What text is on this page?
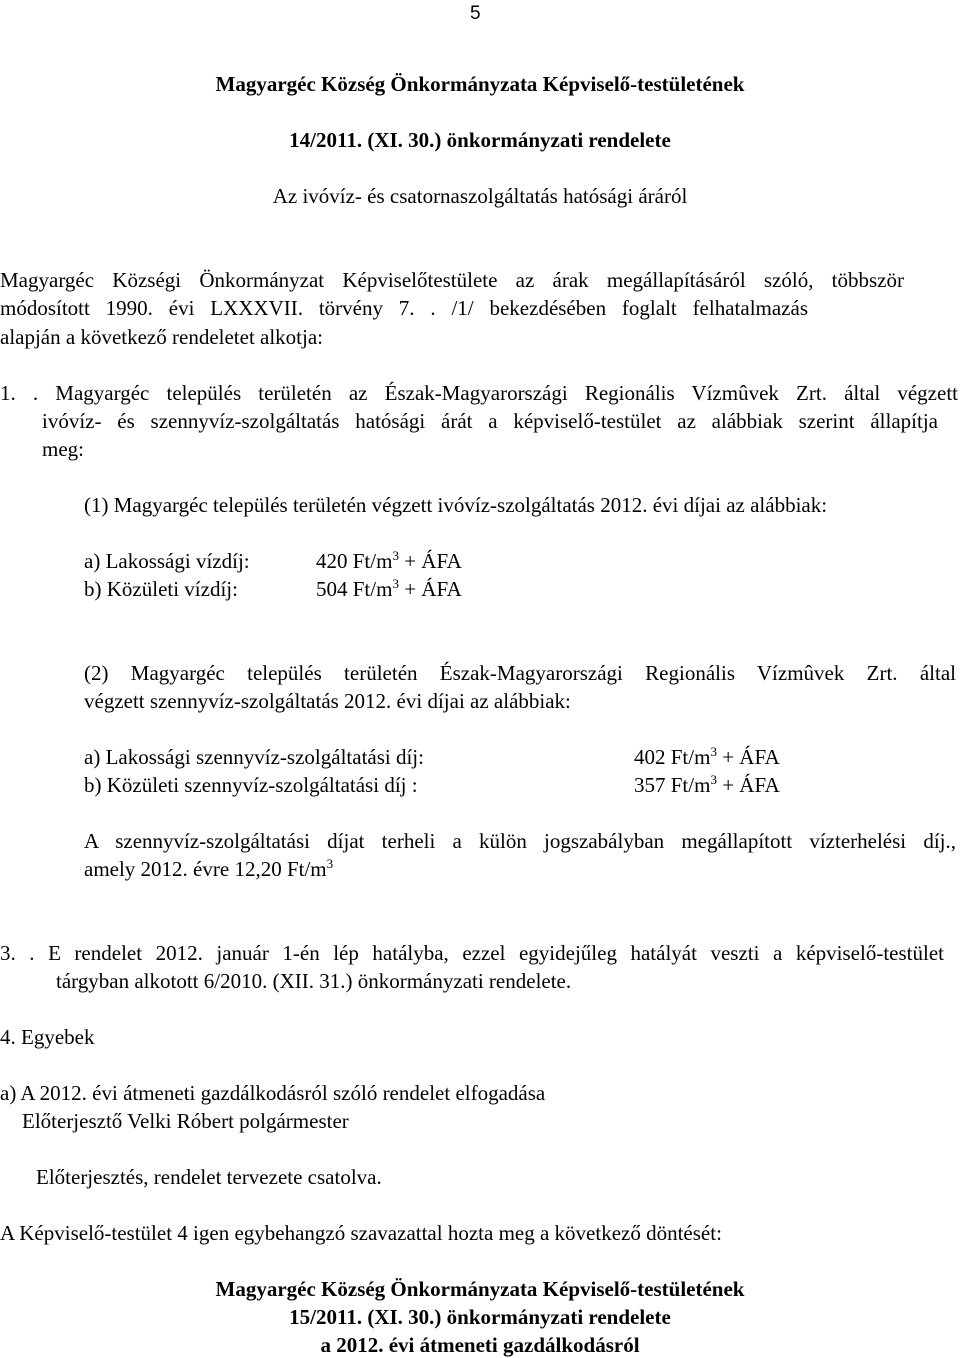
5
Magyargéc Község Önkormányzata Képviselő-testületének
14/2011. (XI. 30.) önkormányzati rendelete
Az ivóvíz- és csatornaszolgáltatás hatósági áráról
Magyargéc Községi Önkormányzat Képviselőtestülete az árak megállapításáról szóló, többször
módosított 1990. évi LXXXVII. törvény 7. . /1/ bekezdésében foglalt felhatalmazás
alapján a következő rendeletet alkotja:
1. . Magyargéc település területén az Észak-Magyarországi Regionális Vízmûvek Zrt. által végzett
ivóvíz- és szennyvíz-szolgáltatás hatósági árát a képviselő-testület az alábbiak szerint állapítja
meg:
(1) Magyargéc település területén végzett ivóvíz-szolgáltatás 2012. évi díjai az alábbiak:
a) Lakossági vízdíj:	420 $Ft/m^3$ + ÁFA
b) Közületi vízdíj:	504 $Ft/m^3$ + ÁFA
(2) Magyargéc település területén Észak-Magyarországi Regionális Vízmûvek Zrt. által
végzett szennyvíz-szolgáltatás 2012. évi díjai az alábbiak:
a) Lakossági szennyvíz-szolgáltatási díj:	402 $Ft/m^3$ + ÁFA
b) Közületi szennyvíz-szolgáltatási díj :	357 $Ft/m^3$ + ÁFA
A szennyvíz-szolgáltatási díjat terheli a külön jogszabályban megállapított vízterhelési díj.,
amely 2012. évre 12,20 $Ft/m^3$
3. . E rendelet 2012. január 1-én lép hatályba, ezzel egyidejűleg hatályát veszti a képviselő-testület
tárgyban alkotott 6/2010. (XII. 31.) önkormányzati rendelete.
4. Egyebek
a) A 2012. évi átmeneti gazdálkodásról szóló rendelet elfogadása
Előterjesztő Velki Róbert polgármester
Előterjesztés, rendelet tervezete csatolva.
A Képviselő-testület 4 igen egybehangzó szavazattal hozta meg a következő döntését:
Magyargéc Község Önkormányzata Képviselő-testületének
15/2011. (XI. 30.) önkormányzati rendelete
a 2012. évi átmeneti gazdálkodásról
